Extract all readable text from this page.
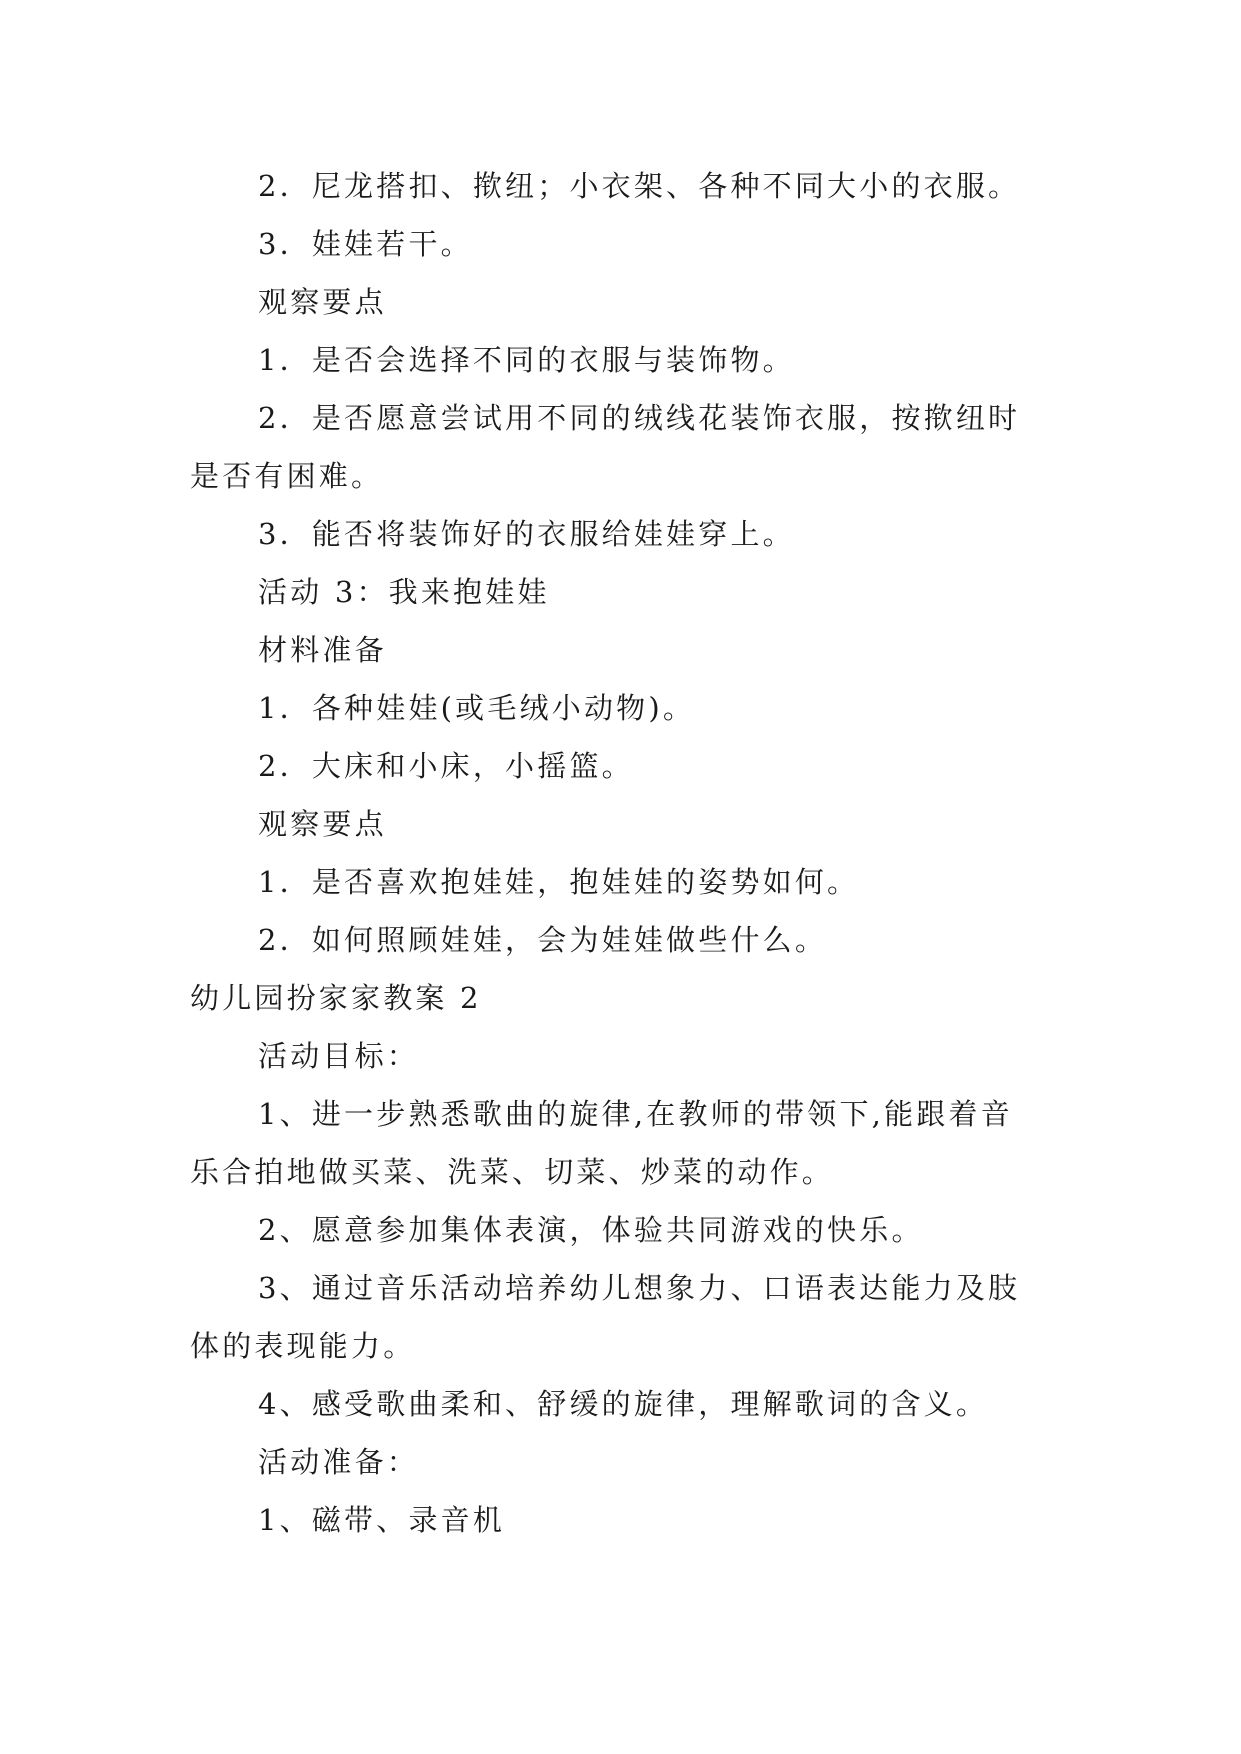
2．尼龙搭扣、揿纽；小衣架、各种不同大小的衣服。

3．娃娃若干。

观察要点

1．是否会选择不同的衣服与装饰物。

2．是否愿意尝试用不同的绒线花装饰衣服，按揿纽时

是否有困难。

3．能否将装饰好的衣服给娃娃穿上。

活动 3：我来抱娃娃

材料准备

1．各种娃娃(或毛绒小动物)。

2．大床和小床，小摇篮。

观察要点

1．是否喜欢抱娃娃，抱娃娃的姿势如何。

2．如何照顾娃娃，会为娃娃做些什么。

幼儿园扮家家教案 2

活动目标：

1、进一步熟悉歌曲的旋律,在教师的带领下,能跟着音

乐合拍地做买菜、洗菜、切菜、炒菜的动作。

2、愿意参加集体表演，体验共同游戏的快乐。

3、通过音乐活动培养幼儿想象力、口语表达能力及肢

体的表现能力。

4、感受歌曲柔和、舒缓的旋律，理解歌词的含义。

活动准备：

1、磁带、录音机
